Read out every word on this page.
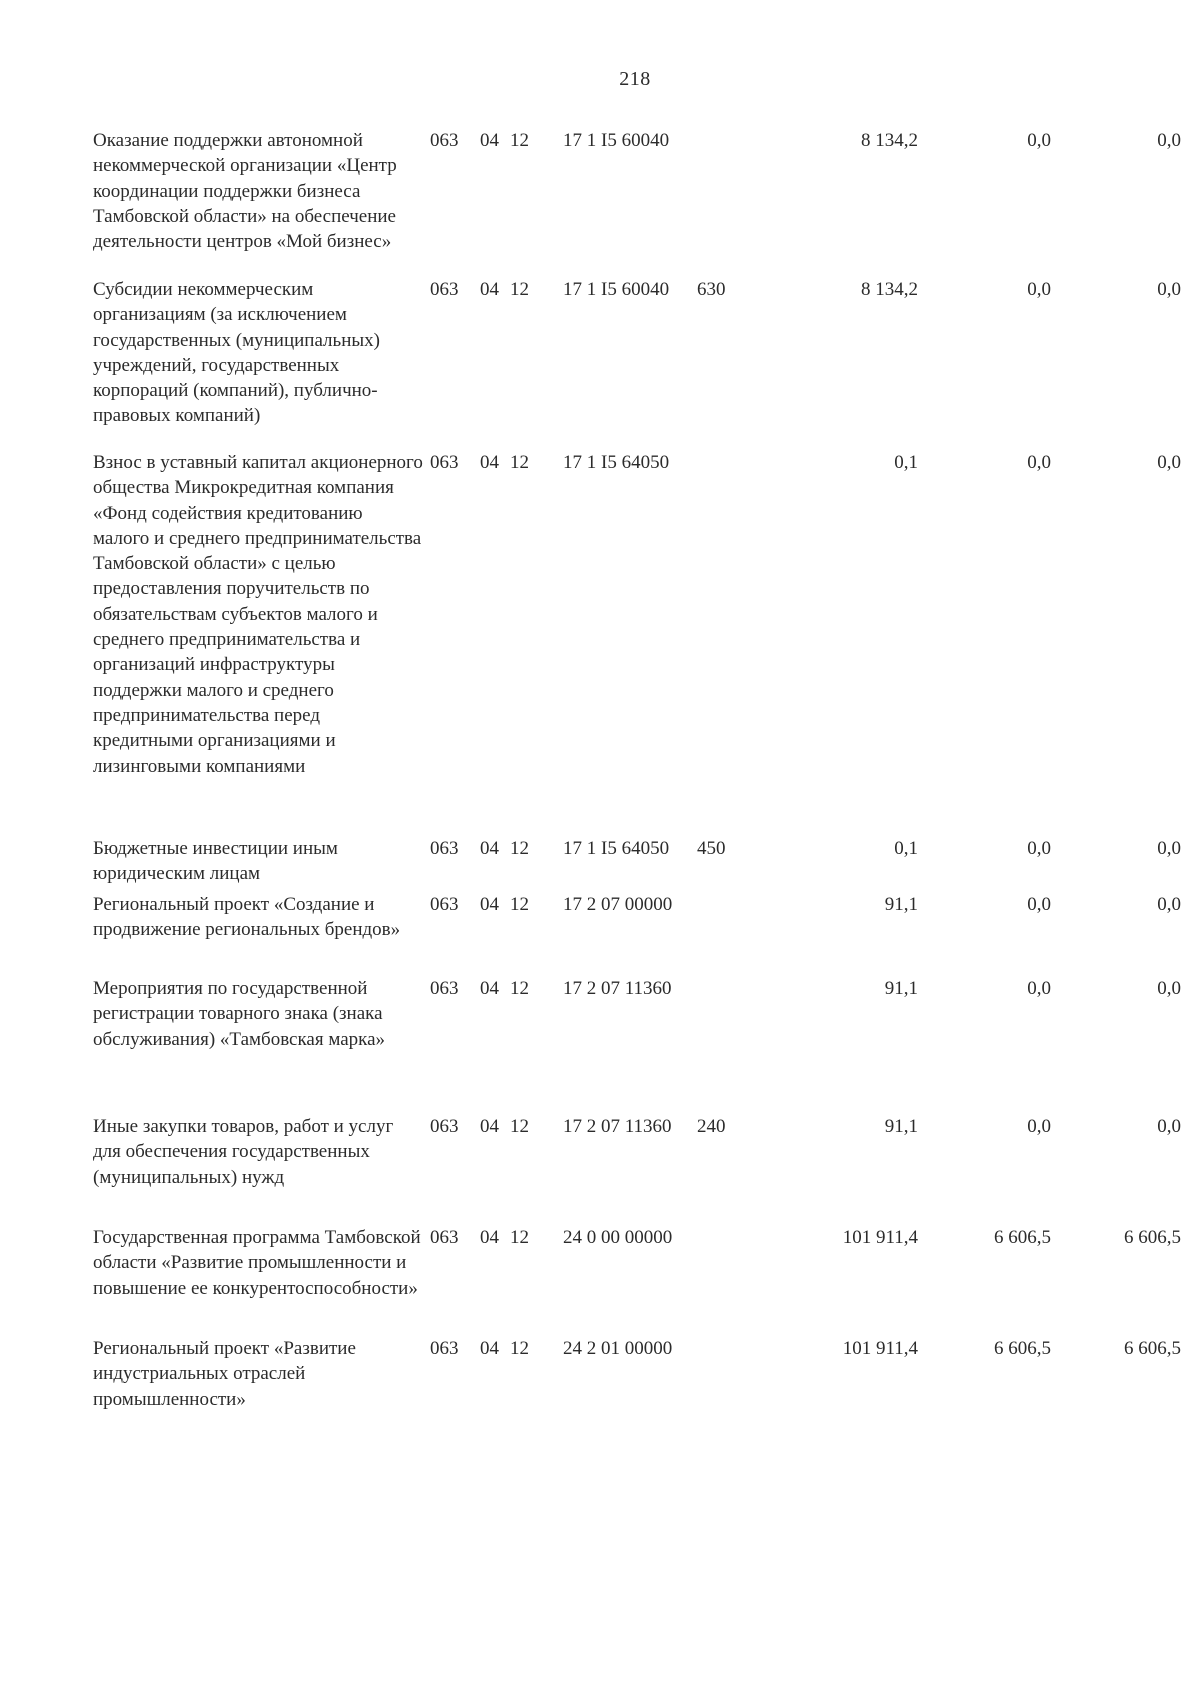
218
Оказание поддержки автономной некоммерческой организации «Центр координации поддержки бизнеса Тамбовской области» на обеспечение деятельности центров «Мой бизнес»
063 04 12 17 1 I5 60040	8 134,2	0,0	0,0
Субсидии некоммерческим организациям (за исключением государственных (муниципальных) учреждений, государственных корпораций (компаний), публично-правовых компаний)
063 04 12 17 1 I5 60040 630	8 134,2	0,0	0,0
Взнос в уставный капитал акционерного общества Микрокредитная компания «Фонд содействия кредитованию малого и среднего предпринимательства Тамбовской области» с целью предоставления поручительств по обязательствам субъектов малого и среднего предпринимательства и организаций инфраструктуры поддержки малого и среднего предпринимательства перед кредитными организациями и лизинговыми компаниями
063 04 12 17 1 I5 64050	0,1	0,0	0,0
Бюджетные инвестиции иным юридическим лицам
063 04 12 17 1 I5 64050 450	0,1	0,0	0,0
Региональный проект «Создание и продвижение региональных брендов»
063 04 12 17 2 07 00000	91,1	0,0	0,0
Мероприятия по государственной регистрации товарного знака (знака обслуживания) «Тамбовская марка»
063 04 12 17 2 07 11360	91,1	0,0	0,0
Иные закупки товаров, работ и услуг для обеспечения государственных (муниципальных) нужд
063 04 12 17 2 07 11360 240	91,1	0,0	0,0
Государственная программа Тамбовской области «Развитие промышленности и повышение ее конкурентоспособности»
063 04 12 24 0 00 00000	101 911,4	6 606,5	6 606,5
Региональный проект «Развитие индустриальных отраслей промышленности»
063 04 12 24 2 01 00000	101 911,4	6 606,5	6 606,5
